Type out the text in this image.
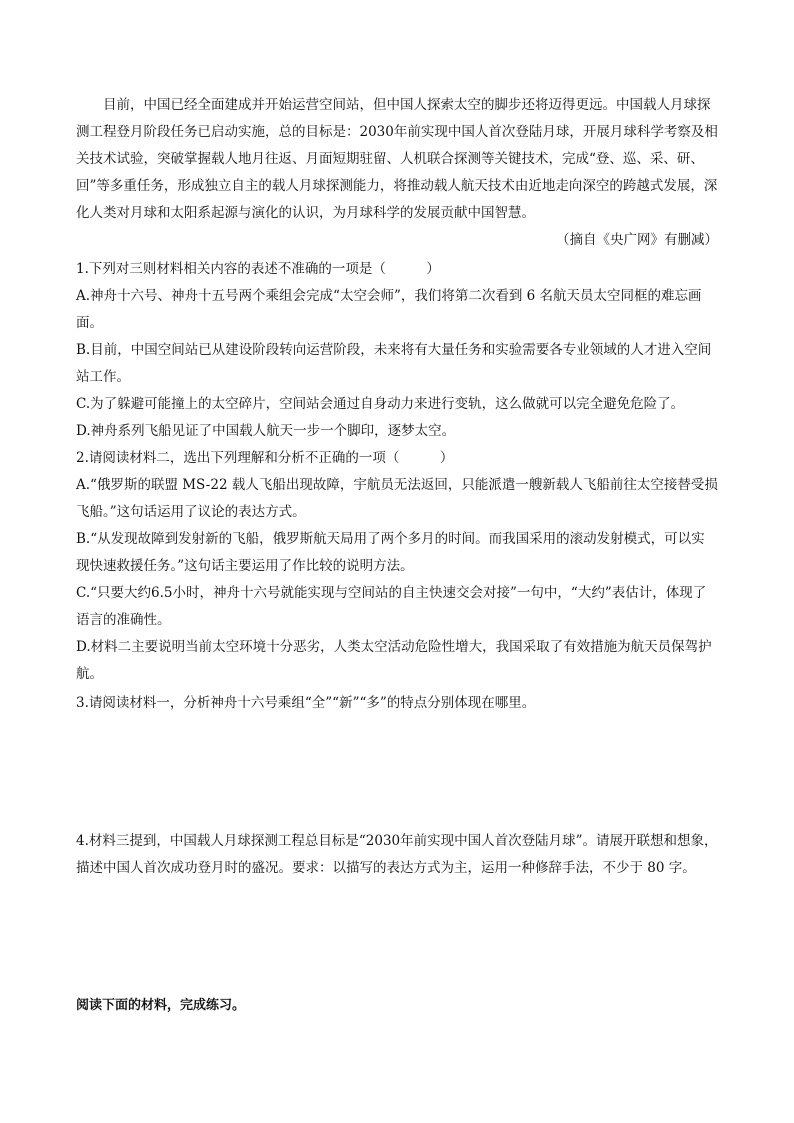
目前，中国已经全面建成并开始运营空间站，但中国人探索太空的脚步还将迈得更远。中国载人月球探测工程登月阶段任务已启动实施，总的目标是：2030年前实现中国人首次登陆月球，开展月球科学考察及相关技术试验，突破掌握载人地月往返、月面短期驻留、人机联合探测等关键技术，完成“登、巡、采、研、回”等多重任务，形成独立自主的载人月球探测能力，将推动载人航天技术由近地走向深空的跨越式发展，深化人类对月球和太阳系起源与演化的认识，为月球科学的发展贡献中国智慧。

（摘自《央广网》有删减）

1.下列对三则材料相关内容的表述不准确的一项是（　　　）

A.神舟十六号、神舟十五号两个乘组会完成“太空会师”，我们将第二次看到 6 名航天员太空同框的难忘画面。

B.目前，中国空间站已从建设阶段转向运营阶段，未来将有大量任务和实验需要各专业领域的人才进入空间站工作。

C.为了躲避可能撞上的太空碎片，空间站会通过自身动力来进行变轨，这么做就可以完全避免危险了。

D.神舟系列飞船见证了中国载人航天一步一个脚印，逐梦太空。

2.请阅读材料二，选出下列理解和分析不正确的一项（　　　）

A.“俄罗斯的联盟 MS-22 载人飞船出现故障，宇航员无法返回，只能派遣一艘新载人飞船前往太空接替受损飞船。”这句话运用了议论的表达方式。

B.“从发现故障到发射新的飞船，俄罗斯航天局用了两个多月的时间。而我国采用的滚动发射模式，可以实现快速救援任务。”这句话主要运用了作比较的说明方法。

C.“只要大约6.5小时，神舟十六号就能实现与空间站的自主快速交会对接”一句中，“大约”表估计，体现了语言的准确性。

D.材料二主要说明当前太空环境十分恶劣，人类太空活动危险性增大，我国采取了有效措施为航天员保驾护航。

3.请阅读材料一，分析神舟十六号乘组“全”“新”“多”的特点分别体现在哪里。

4.材料三提到，中国载人月球探测工程总目标是“2030年前实现中国人首次登陆月球”。请展开联想和想象，描述中国人首次成功登月时的盛况。要求：以描写的表达方式为主，运用一种修辞手法，不少于 80 字。

阅读下面的材料，完成练习。
